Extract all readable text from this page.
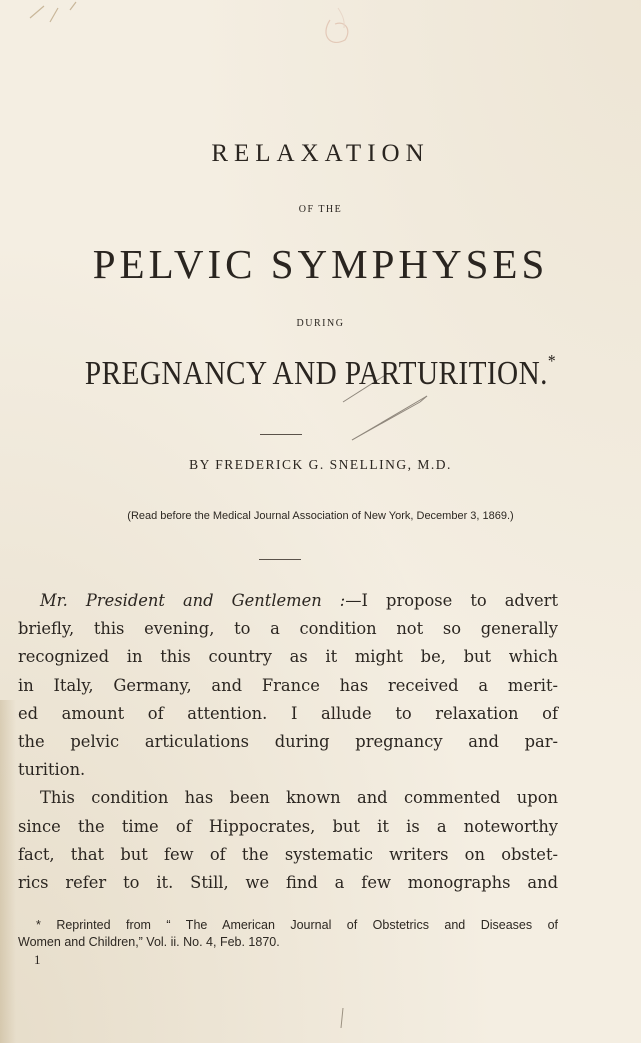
RELAXATION
OF THE
PELVIC SYMPHYSES
DURING
PREGNANCY AND PARTURITION.*
BY FREDERICK G. SNELLING, M.D.
(Read before the Medical Journal Association of New York, December 3, 1869.)
Mr. President and Gentlemen :—I propose to advert
briefly, this evening, to a condition not so generally
recognized in this country as it might be, but which
in Italy, Germany, and France has received a merit-
ed amount of attention. I allude to relaxation of
the pelvic articulations during pregnancy and par-
turition.
This condition has been known and commented upon
since the time of Hippocrates, but it is a noteworthy
fact, that but few of the systematic writers on obstet-
rics refer to it. Still, we find a few monographs and
* Reprinted from “ The American Journal of Obstetrics and Diseases of
Women and Children,” Vol. ii. No. 4, Feb. 1870.
1
